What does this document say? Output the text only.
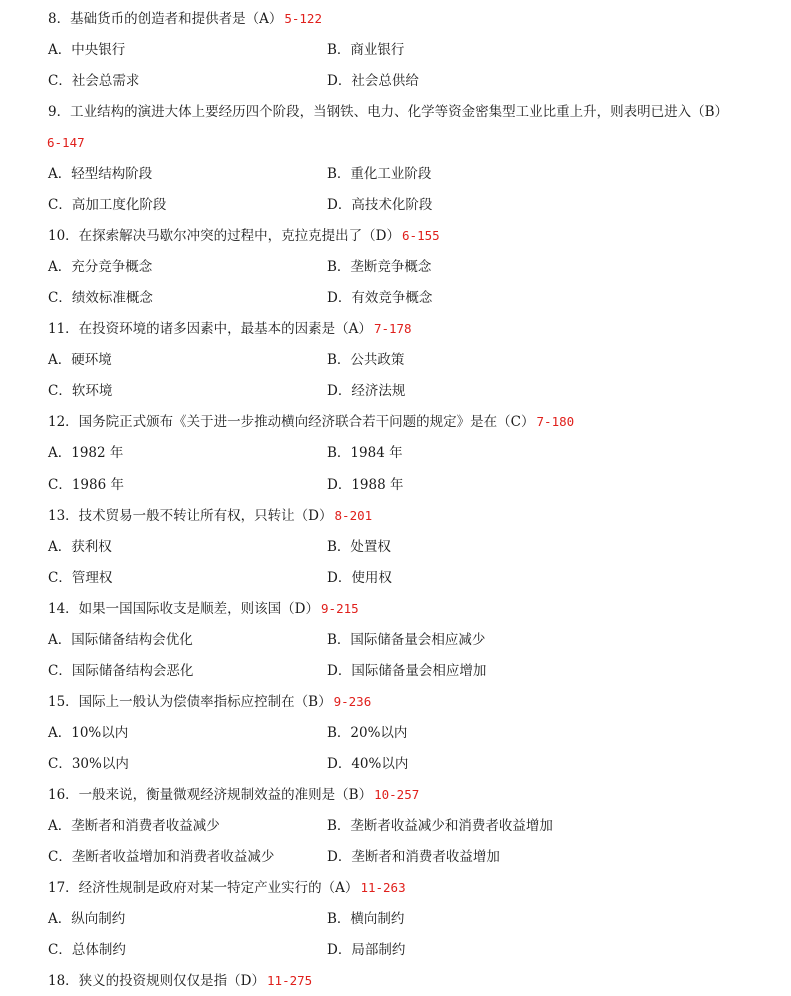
8．基础货币的创造者和提供者是（A） 5-122
A．中央银行	B．商业银行
C．社会总需求	D．社会总供给
9．工业结构的演进大体上要经历四个阶段，当钢铁、电力、化学等资金密集型工业比重上升，则表明已进入（B）
6-147
A．轻型结构阶段	B．重化工业阶段
C．高加工度化阶段	D．高技术化阶段
10．在探索解决马歇尔冲突的过程中，克拉克提出了（D） 6-155
A．充分竞争概念	B．垄断竞争概念
C．绩效标准概念	D．有效竞争概念
11．在投资环境的诸多因素中，最基本的因素是（A） 7-178
A．硬环境	B．公共政策
C．软环境	D．经济法规
12．国务院正式颁布《关于进一步推动横向经济联合若干问题的规定》是在（C） 7-180
A．1982 年	B．1984 年
C．1986 年	D．1988 年
13．技术贸易一般不转让所有权，只转让（D） 8-201
A．获利权	B．处置权
C．管理权	D．使用权
14．如果一国国际收支是顺差，则该国（D） 9-215
A．国际储备结构会优化	B．国际储备量会相应减少
C．国际储备结构会恶化	D．国际储备量会相应增加
15．国际上一般认为偿债率指标应控制在（B） 9-236
A．10%以内	B．20%以内
C．30%以内	D．40%以内
16．一般来说，衡量微观经济规制效益的准则是（B） 10-257
A．垄断者和消费者收益减少	B．垄断者收益减少和消费者收益增加
C．垄断者收益增加和消费者收益减少	D．垄断者和消费者收益增加
17．经济性规制是政府对某一特定产业实行的（A） 11-263
A．纵向制约	B．横向制约
C．总体制约	D．局部制约
18．狭义的投资规则仅仅是指（D） 11-275
